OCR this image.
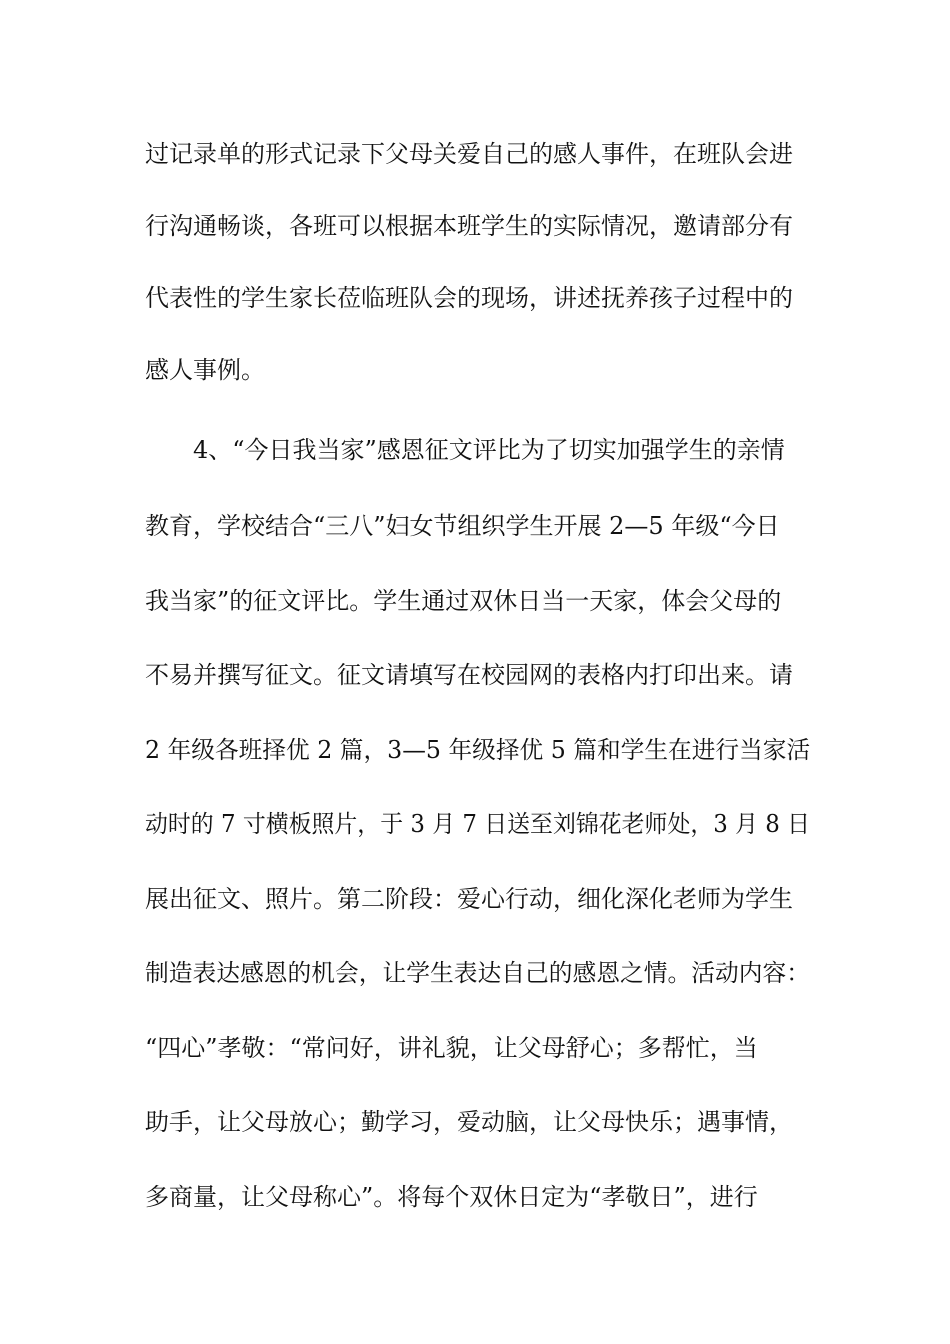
过记录单的形式记录下父母关爱自己的感人事件，在班队会进
行沟通畅谈，各班可以根据本班学生的实际情况，邀请部分有
代表性的学生家长莅临班队会的现场，讲述抚养孩子过程中的
感人事例。
4、“今日我当家”感恩征文评比为了切实加强学生的亲情
教育，学校结合“三八”妇女节组织学生开展 2—5 年级“今日
我当家”的征文评比。学生通过双休日当一天家，体会父母的
不易并撰写征文。征文请填写在校园网的表格内打印出来。请
2 年级各班择优 2 篇，3—5 年级择优 5 篇和学生在进行当家活
动时的 7 寸横板照片，于 3 月 7 日送至刘锦花老师处，3 月 8 日
展出征文、照片。第二阶段：爱心行动，细化深化老师为学生
制造表达感恩的机会，让学生表达自己的感恩之情。活动内容：
“四心”孝敬：“常问好，讲礼貌，让父母舒心；多帮忙，当
助手，让父母放心；勤学习，爱动脑，让父母快乐；遇事情，
多商量，让父母称心”。将每个双休日定为“孝敬日”，进行
